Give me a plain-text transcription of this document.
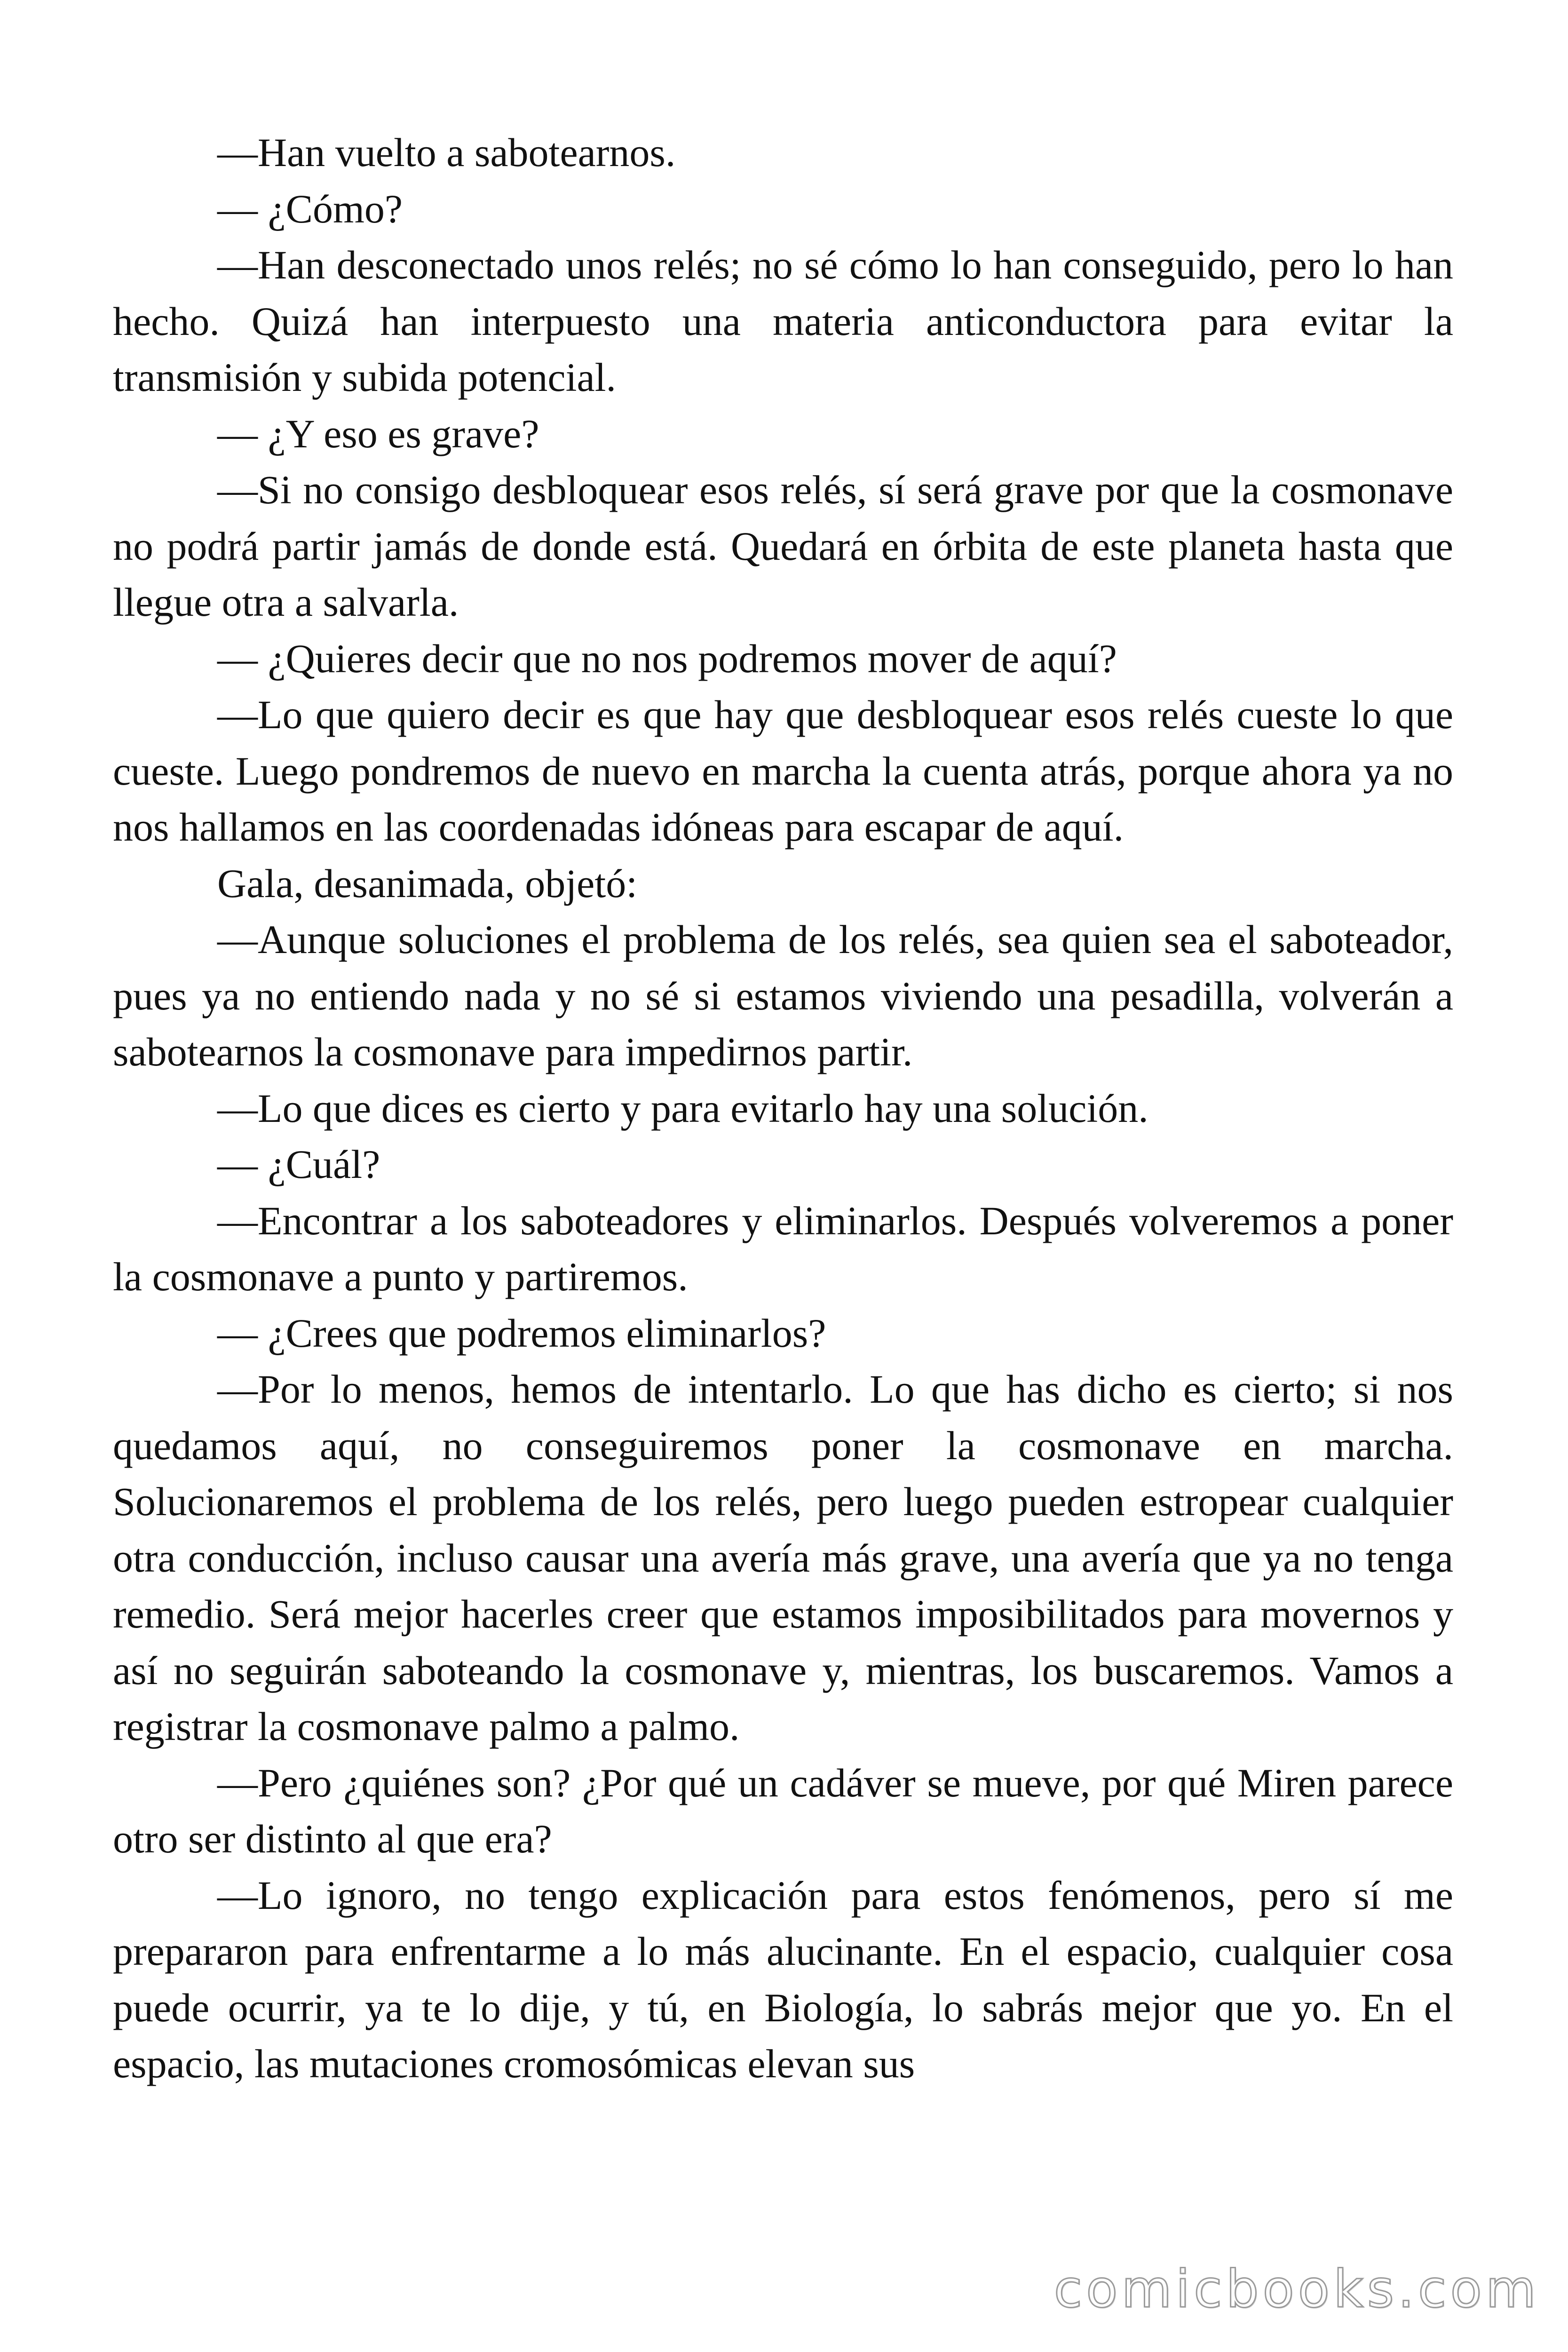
—Han vuelto a sabotearnos.

— ¿Cómo?

—Han desconectado unos relés; no sé cómo lo han conseguido, pero lo han hecho. Quizá han interpuesto una materia anticonductora para evitar la transmisión y subida potencial.

— ¿Y eso es grave?

—Si no consigo desbloquear esos relés, sí será grave por que la cosmonave no podrá partir jamás de donde está. Quedará en órbita de este planeta hasta que llegue otra a salvarla.

— ¿Quieres decir que no nos podremos mover de aquí?

—Lo que quiero decir es que hay que desbloquear esos relés cueste lo que cueste. Luego pondremos de nuevo en marcha la cuenta atrás, porque ahora ya no nos hallamos en las coordenadas idóneas para escapar de aquí.

Gala, desanimada, objetó:

—Aunque soluciones el problema de los relés, sea quien sea el saboteador, pues ya no entiendo nada y no sé si estamos viviendo una pesadilla, volverán a sabotearnos la cosmonave para impedirnos partir.

—Lo que dices es cierto y para evitarlo hay una solución.

— ¿Cuál?

—Encontrar a los saboteadores y eliminarlos. Después volveremos a poner la cosmonave a punto y partiremos.

— ¿Crees que podremos eliminarlos?

—Por lo menos, hemos de intentarlo. Lo que has dicho es cierto; si nos quedamos aquí, no conseguiremos poner la cosmonave en marcha. Solucionaremos el problema de los relés, pero luego pueden estropear cualquier otra conducción, incluso causar una avería más grave, una avería que ya no tenga remedio. Será mejor hacerles creer que estamos imposibilitados para movernos y así no seguirán saboteando la cosmonave y, mientras, los buscaremos. Vamos a registrar la cosmonave palmo a palmo.

—Pero ¿quiénes son? ¿Por qué un cadáver se mueve, por qué Miren parece otro ser distinto al que era?

—Lo ignoro, no tengo explicación para estos fenómenos, pero sí me prepararon para enfrentarme a lo más alucinante. En el espacio, cualquier cosa puede ocurrir, ya te lo dije, y tú, en Biología, lo sabrás mejor que yo. En el espacio, las mutaciones cromosómicas elevan sus

comicbooks.com
